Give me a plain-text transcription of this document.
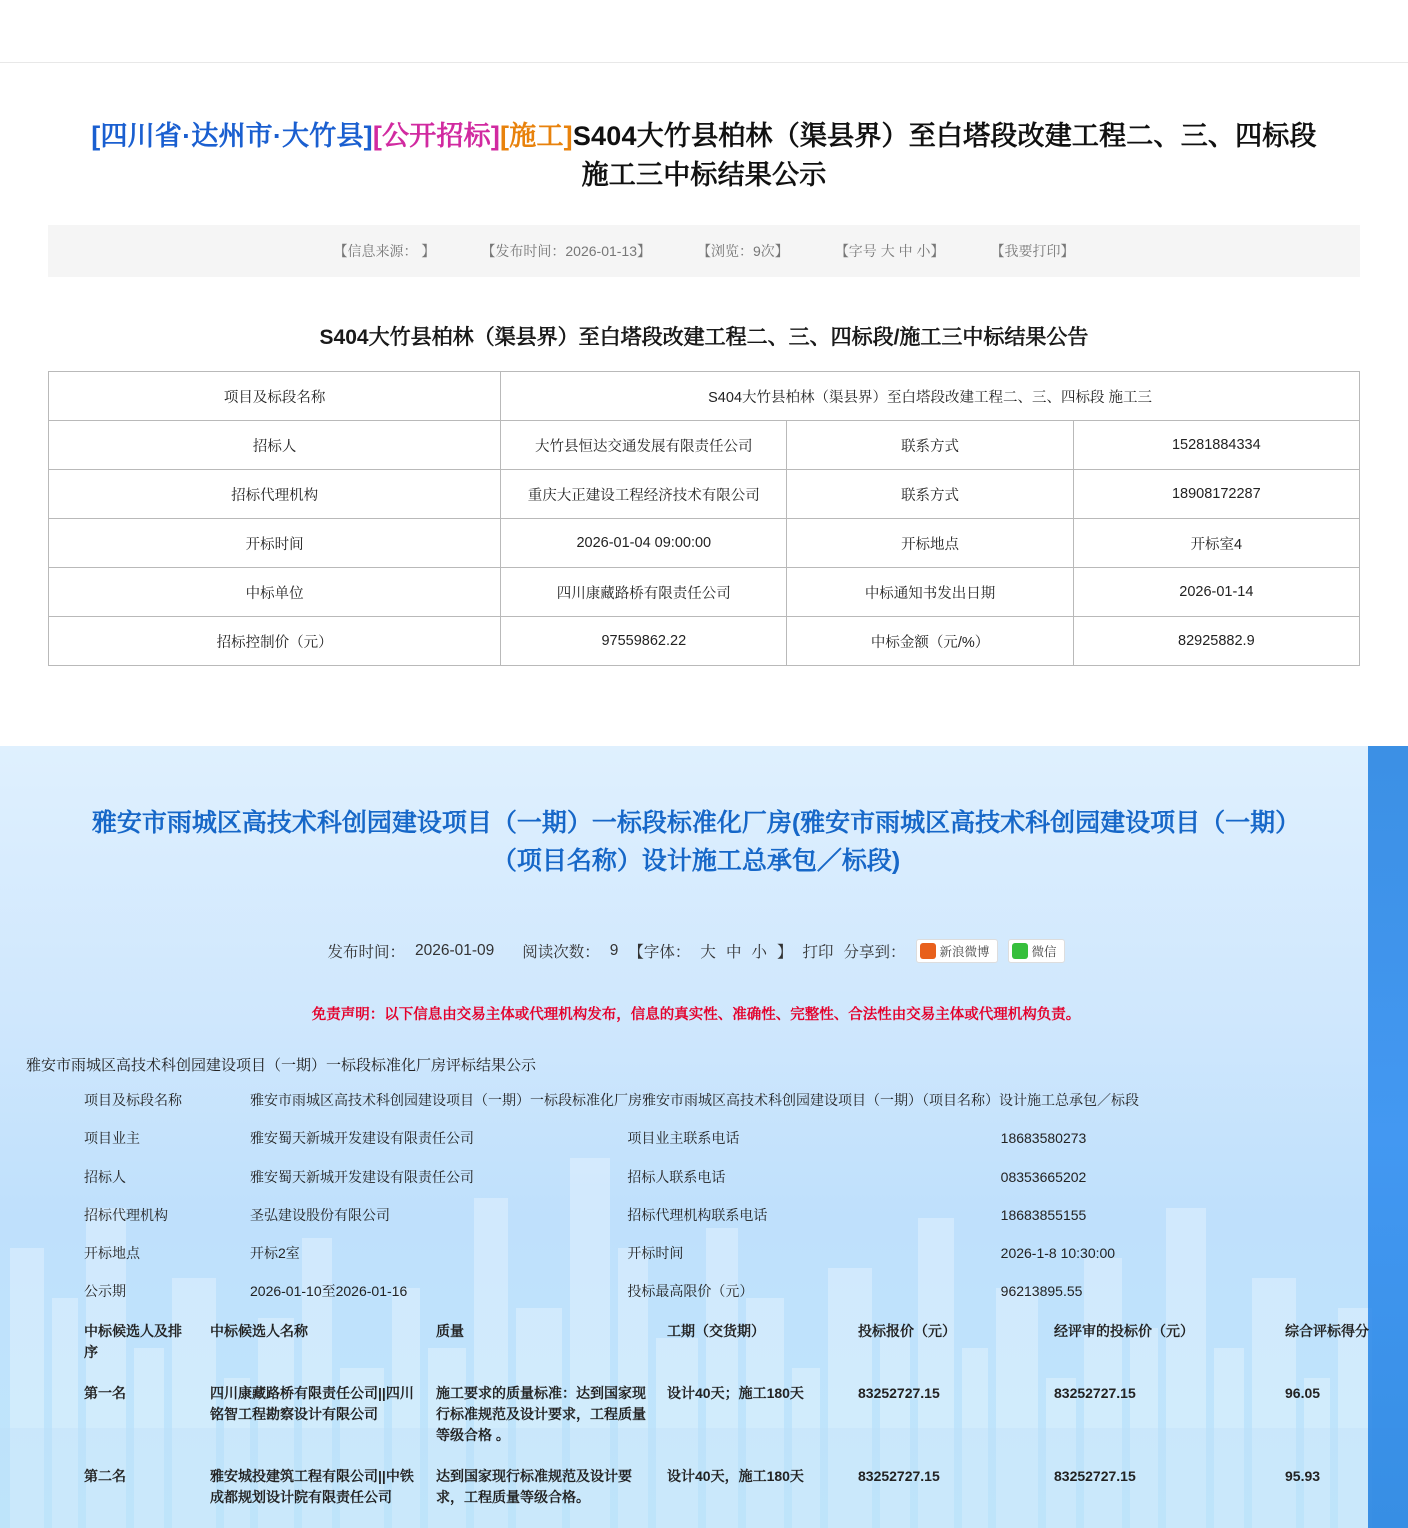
[四川省·达州市·大竹县][公开招标][施工]S404大竹县柏林（渠县界）至白塔段改建工程二、三、四标段施工三中标结果公示
【信息来源： 】	【发布时间：2026-01-13】	【浏览：9次】	【字号 大 中 小】	【我要打印】
S404大竹县柏林（渠县界）至白塔段改建工程二、三、四标段/施工三中标结果公告
项目及标段名称	S404大竹县柏林（渠县界）至白塔段改建工程二、三、四标段 施工三		
招标人	大竹县恒达交通发展有限责任公司	联系方式	15281884334
招标代理机构	重庆大正建设工程经济技术有限公司	联系方式	18908172287
开标时间	2026-01-04 09:00:00	开标地点	开标室4
中标单位	四川康藏路桥有限责任公司	中标通知书发出日期	2026-01-14
招标控制价（元）	97559862.22	中标金额（元/%）	82925882.9
雅安市雨城区高技术科创园建设项目（一期）一标段标准化厂房(雅安市雨城区高技术科创园建设项目（一期）（项目名称）设计施工总承包／标段)
发布时间： 2026-01-09 阅读次数： 9 【字体： 大 中 小 】 打印 分享到：	新浪微博	微信
免责声明：以下信息由交易主体或代理机构发布，信息的真实性、准确性、完整性、合法性由交易主体或代理机构负责。
雅安市雨城区高技术科创园建设项目（一期）一标段标准化厂房评标结果公示
项目及标段名称	雅安市雨城区高技术科创园建设项目（一期）一标段标准化厂房雅安市雨城区高技术科创园建设项目（一期）（项目名称）设计施工总承包／标段		
项目业主	雅安蜀天新城开发建设有限责任公司	项目业主联系电话	18683580273
招标人	雅安蜀天新城开发建设有限责任公司	招标人联系电话	08353665202
招标代理机构	圣弘建设股份有限公司	招标代理机构联系电话	18683855155
开标地点	开标2室	开标时间	2026-1-8 10:30:00
公示期	2026-01-10至2026-01-16	投标最高限价（元）	96213895.55
中标候选人及排序	中标候选人名称	质量	工期（交货期）	投标报价（元）	经评审的投标价（元）	综合评标得分
第一名	四川康藏路桥有限责任公司||四川铭智工程勘察设计有限公司	施工要求的质量标准：达到国家现行标准规范及设计要求，工程质量等级合格 。	设计40天；施工180天	83252727.15	83252727.15	96.05
第二名	雅安城投建筑工程有限公司||中铁成都规划设计院有限责任公司	达到国家现行标准规范及设计要求，工程质量等级合格。	设计40天，施工180天	83252727.15	83252727.15	95.93
